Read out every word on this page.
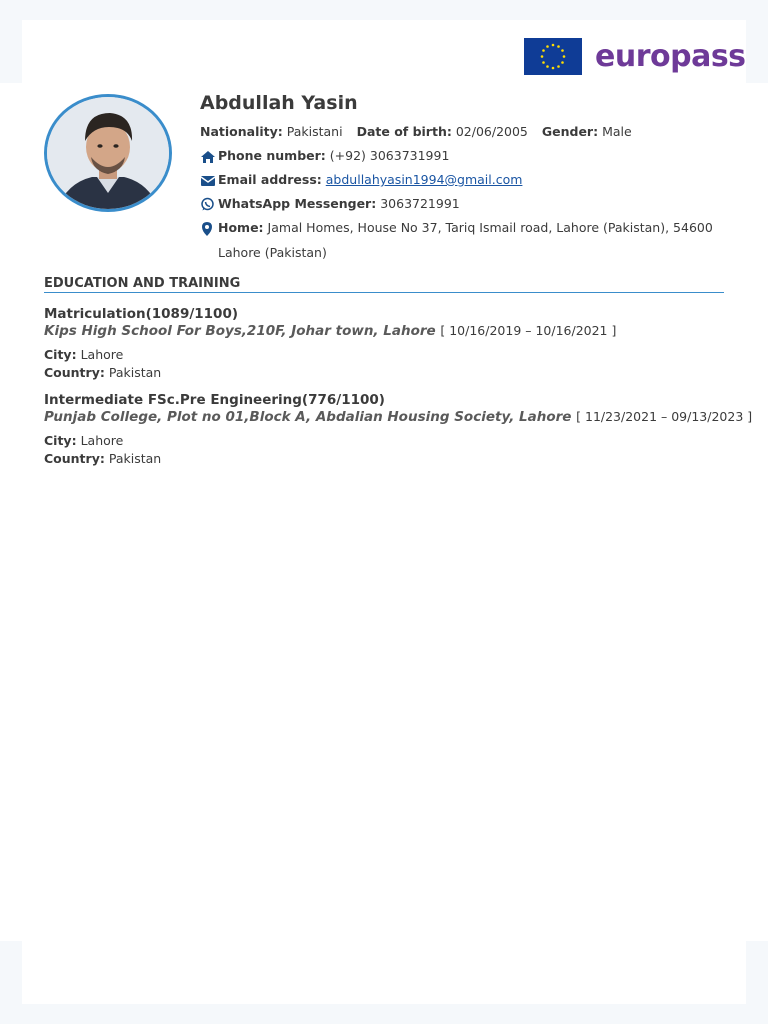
europass
Abdullah Yasin
Nationality: Pakistani Date of birth: 02/06/2005 Gender: Male
Phone number: (+92) 3063731991
Email address: abdullahyasin1994@gmail.com
WhatsApp Messenger: 3063721991
Home: Jamal Homes, House No 37, Tariq Ismail road, Lahore (Pakistan), 54600
Lahore (Pakistan)
EDUCATION AND TRAINING
Matriculation(1089/1100)
Kips High School For Boys,210F, Johar town, Lahore [ 10/16/2019 – 10/16/2021 ]
City: Lahore
Country: Pakistan
Intermediate FSc.Pre Engineering(776/1100)
Punjab College, Plot no 01,Block A, Abdalian Housing Society, Lahore [ 11/23/2021 – 09/13/2023 ]
City: Lahore
Country: Pakistan
